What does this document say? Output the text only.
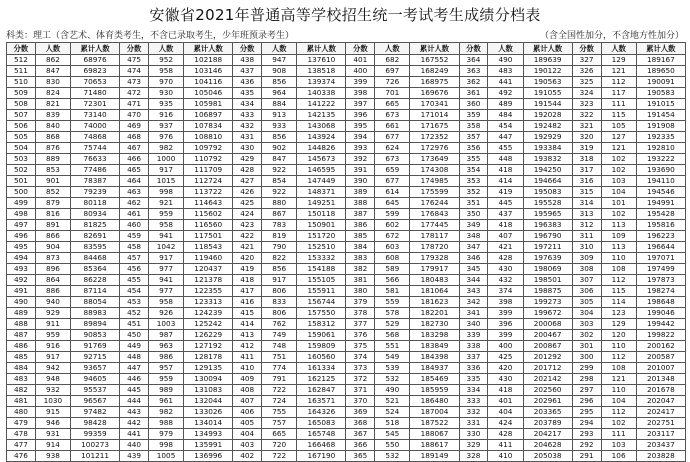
安徽省2021年普通高等学校招生统一考试考生成绩分档表
科类：理工（含艺术、体育类考生，不含已录取考生，少年班预录考生）	（含全国性加分，不含地方性加分）
分数	人数	累计人数	分数	人数	累计人数	分数	人数	累计人数	分数	人数	累计人数	分数	人数	累计人数	分数	人数	累计人数
512	862	68976	475	952	102188	438	947	137610	401	682	167552	364	490	189639	327	129	189167
511	847	69823	474	958	103146	437	908	138518	400	697	168249	363	483	190122	326	121	189650
510	830	70653	473	970	104116	436	856	139374	399	726	168975	362	441	190563	325	112	190091
509	824	71480	472	930	105046	435	964	140338	398	701	169676	361	492	191055	324	117	190583
508	821	72301	471	935	105981	434	884	141222	397	665	170341	360	489	191544	323	111	191015
507	839	73140	470	916	106897	433	913	142135	396	673	171014	359	484	192028	322	115	191454
506	840	74000	469	937	107834	432	933	143068	395	661	171675	358	454	192482	321	105	191908
505	868	74868	468	976	108810	431	856	143924	394	677	172352	357	447	192929	320	127	192335
504	876	75744	467	982	109792	430	902	144826	393	624	172976	356	455	193384	319	121	192810
503	889	76633	466	1000	110792	429	847	145673	392	673	173649	355	448	193832	318	102	193222
502	853	77486	465	917	111709	428	922	146595	391	659	174308	354	418	194250	317	102	193690
501	901	78387	464	1015	112724	427	854	147449	390	677	174985	353	414	194664	316	103	194110
500	852	79239	463	998	113722	426	922	148371	389	614	175599	352	419	195083	315	104	194546
499	879	80118	462	921	114643	425	880	149251	388	645	176244	351	445	195528	314	101	194991
498	816	80934	461	959	115602	424	867	150118	387	599	176843	350	437	195965	313	102	195428
497	891	81825	460	958	116560	423	783	150901	386	602	177445	349	418	196383	312	113	195816
496	866	82691	459	941	117501	422	819	151720	385	672	178117	348	407	196790	311	109	196223
495	904	83595	458	1042	118543	421	790	152510	384	603	178720	347	421	197211	310	113	196644
494	873	84468	457	917	119460	420	822	153332	383	608	179328	346	428	197639	309	110	197071
493	896	85364	456	977	120437	419	856	154188	382	589	179917	345	430	198069	308	108	197499
492	864	86228	455	941	121378	418	917	155105	381	566	180483	344	432	198501	307	112	197873
491	886	87114	454	977	122355	417	806	155911	380	581	181064	343	374	198875	306	115	198274
490	940	88054	453	958	123313	416	833	156744	379	559	181623	342	398	199273	305	114	198648
489	929	88983	452	926	124239	415	806	157550	378	578	182201	341	399	199672	304	123	199046
488	911	89894	451	1003	125242	414	762	158312	377	529	182730	340	396	200068	303	129	199442
487	959	90853	450	987	126229	413	749	159061	376	568	183298	339	399	200467	302	120	199822
486	916	91769	449	963	127192	412	748	159809	375	551	183849	338	400	200867	301	110	200162
485	917	92715	448	986	128178	411	751	160560	374	549	184398	337	425	201292	300	112	200587
484	942	93657	447	957	129135	410	774	161334	373	539	184937	336	420	201712	299	108	201007
483	948	94605	446	959	130094	409	791	162125	372	532	185469	335	430	202142	298	121	201348
482	932	95537	445	989	131083	408	722	162847	371	490	185959	334	418	202560	297	110	201678
481	1030	96567	444	961	132044	407	724	163571	370	521	186480	333	401	202961	296	104	202047
480	915	97482	443	982	133026	406	755	164326	369	524	187004	332	404	203365	295	112	202417
479	946	98428	442	988	134014	405	757	165083	368	518	187522	331	424	203789	294	102	202751
478	931	99359	441	979	134993	404	665	165748	367	545	188067	330	428	204217	293	111	203117
477	914	100273	440	998	135991	403	720	166468	366	550	188617	329	411	204628	292	103	203437
476	938	101211	439	1005	136996	402	722	167190	365	532	189149	328	410	205038	291	106	203828
